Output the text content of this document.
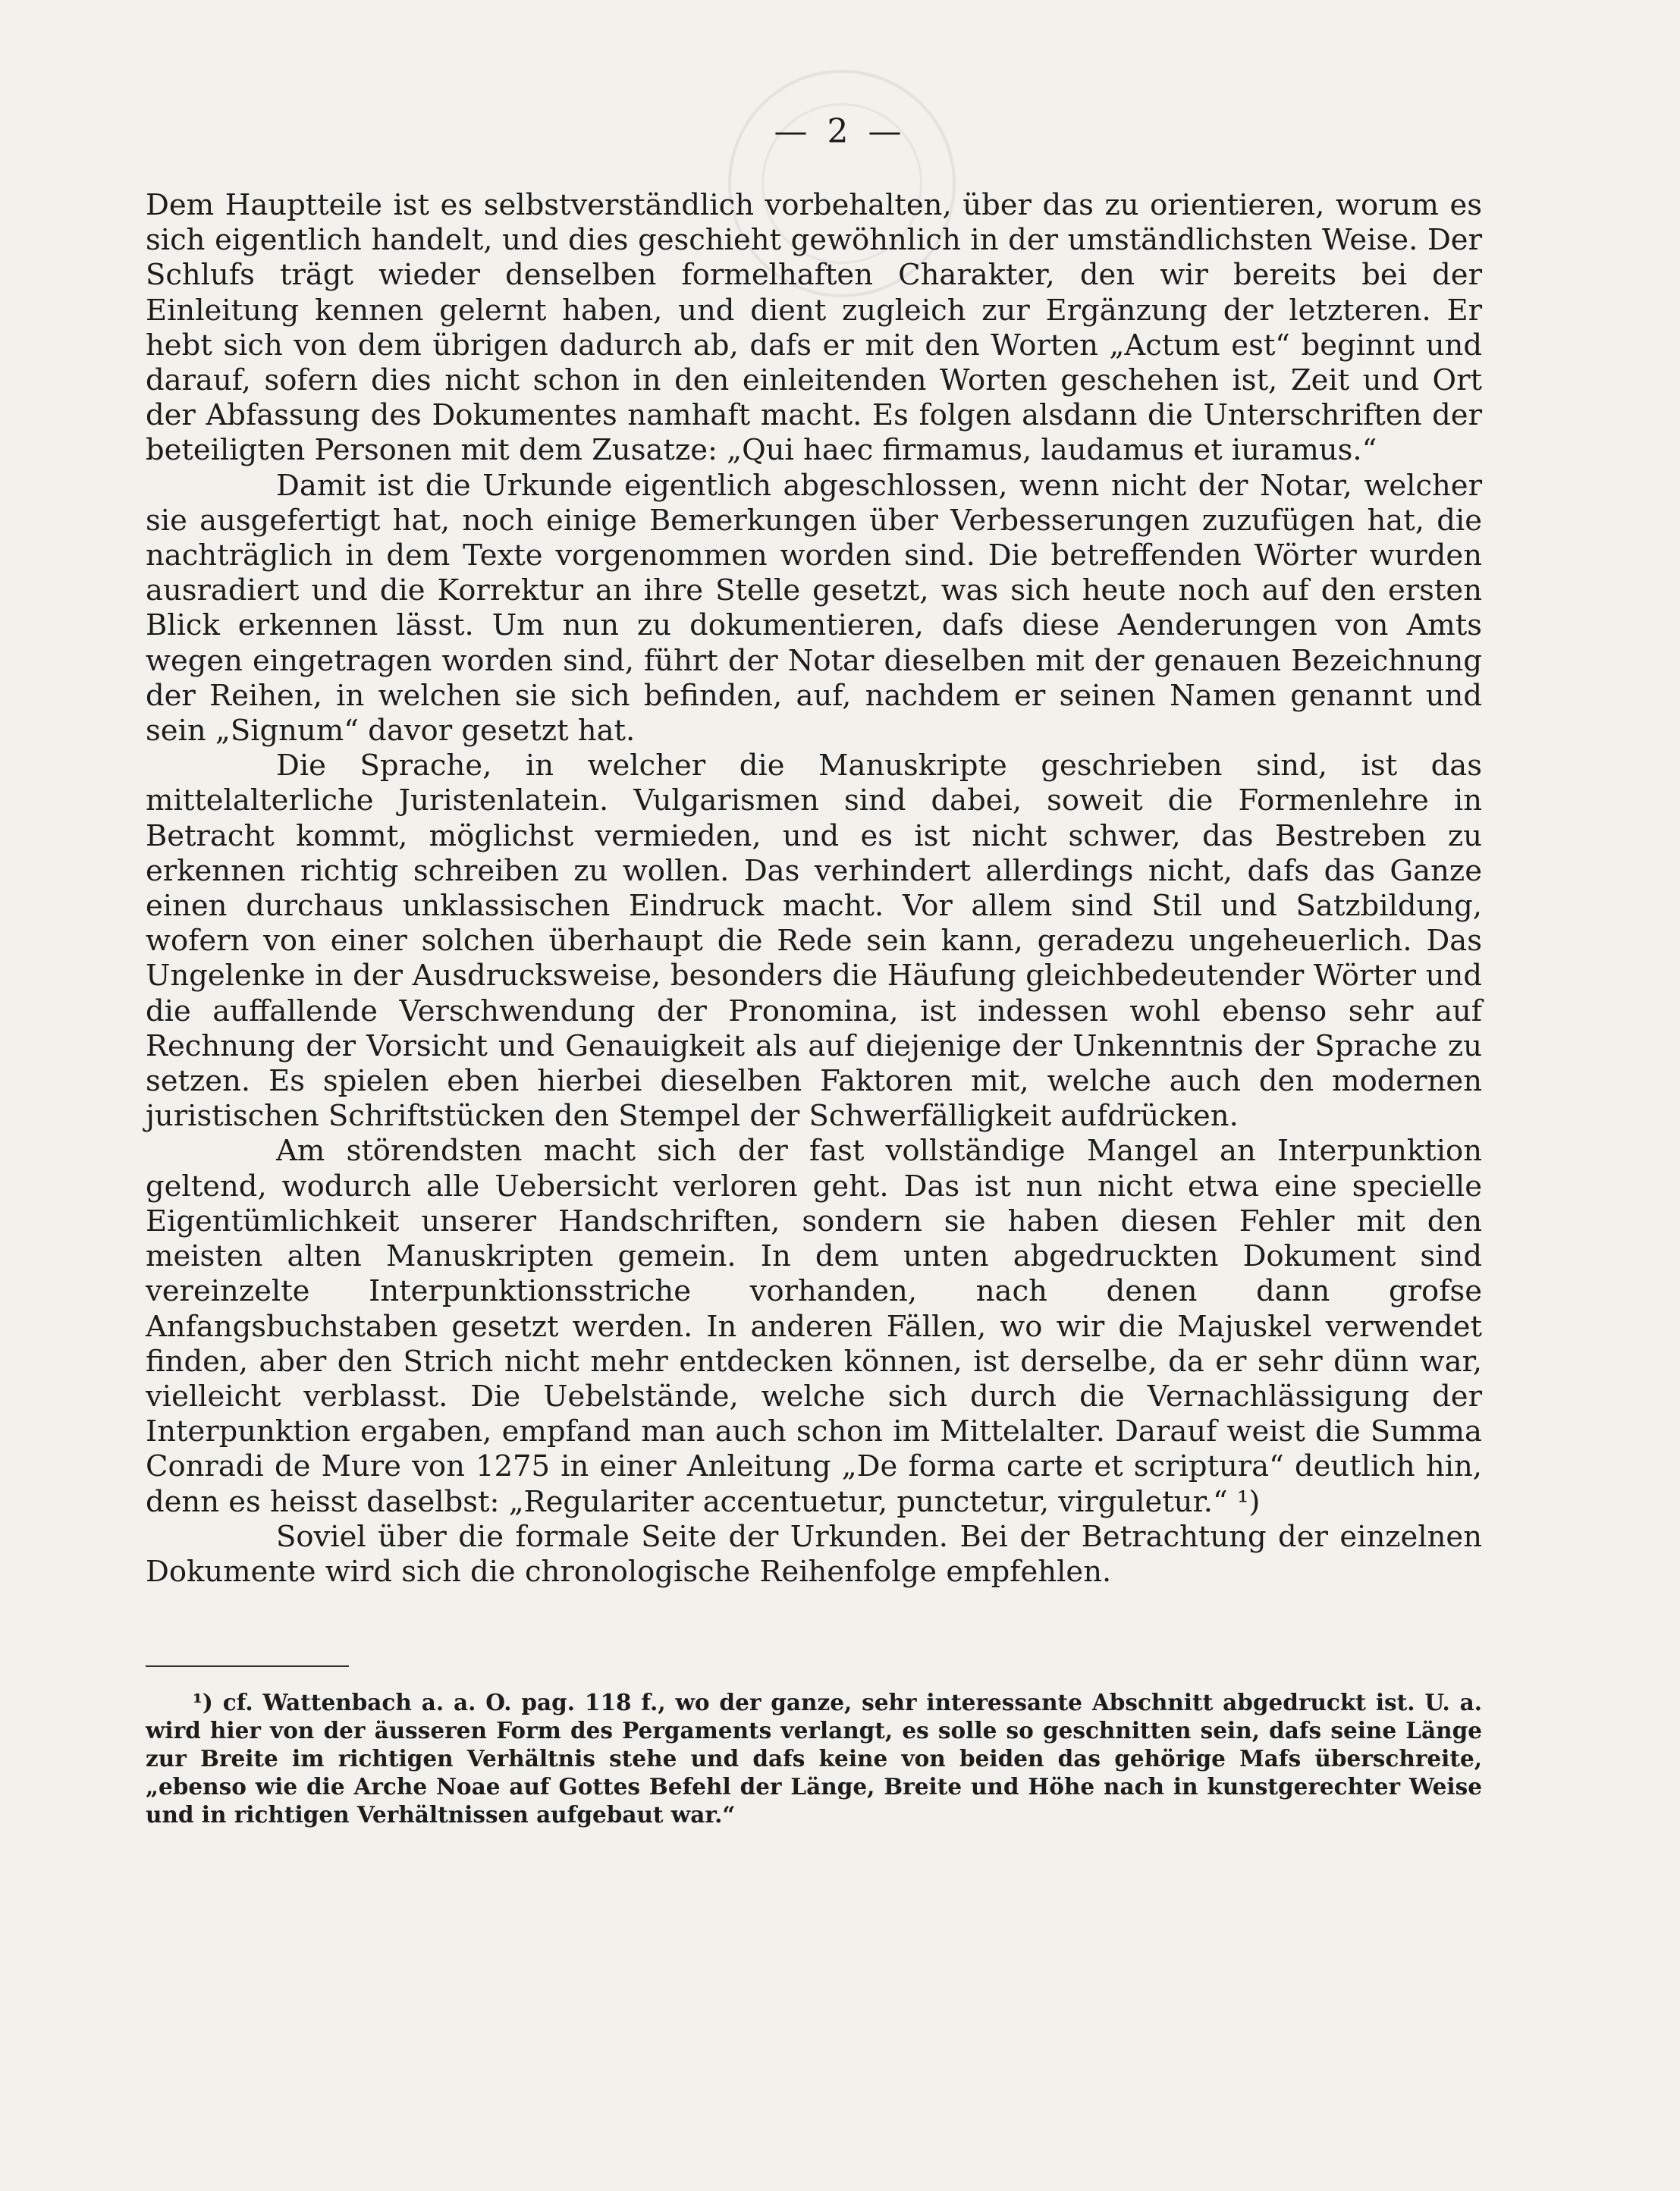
— 2 —

Dem Hauptteile ist es selbstverständlich vorbehalten, über das zu orientieren, worum es sich eigentlich handelt, und dies geschieht gewöhnlich in der umständlichsten Weise. Der Schlufs trägt wieder denselben formelhaften Charakter, den wir bereits bei der Einleitung kennen gelernt haben, und dient zugleich zur Ergänzung der letzteren. Er hebt sich von dem übrigen dadurch ab, dafs er mit den Worten „Actum est“ beginnt und darauf, sofern dies nicht schon in den einleitenden Worten geschehen ist, Zeit und Ort der Abfassung des Dokumentes namhaft macht. Es folgen alsdann die Unterschriften der beteiligten Personen mit dem Zusatze: „Qui haec firmamus, laudamus et iuramus.“

Damit ist die Urkunde eigentlich abgeschlossen, wenn nicht der Notar, welcher sie ausgefertigt hat, noch einige Bemerkungen über Verbesserungen zuzufügen hat, die nachträglich in dem Texte vorgenommen worden sind. Die betreffenden Wörter wurden ausradiert und die Korrektur an ihre Stelle gesetzt, was sich heute noch auf den ersten Blick erkennen lässt. Um nun zu dokumentieren, dafs diese Aenderungen von Amts wegen eingetragen worden sind, führt der Notar dieselben mit der genauen Bezeichnung der Reihen, in welchen sie sich befinden, auf, nachdem er seinen Namen genannt und sein „Signum“ davor gesetzt hat.

Die Sprache, in welcher die Manuskripte geschrieben sind, ist das mittelalterliche Juristenlatein. Vulgarismen sind dabei, soweit die Formenlehre in Betracht kommt, möglichst vermieden, und es ist nicht schwer, das Bestreben zu erkennen richtig schreiben zu wollen. Das verhindert allerdings nicht, dafs das Ganze einen durchaus unklassischen Eindruck macht. Vor allem sind Stil und Satzbildung, wofern von einer solchen überhaupt die Rede sein kann, geradezu ungeheuerlich. Das Ungelenke in der Ausdrucksweise, besonders die Häufung gleichbedeutender Wörter und die auffallende Verschwendung der Pronomina, ist indessen wohl ebenso sehr auf Rechnung der Vorsicht und Genauigkeit als auf diejenige der Unkenntnis der Sprache zu setzen. Es spielen eben hierbei dieselben Faktoren mit, welche auch den modernen juristischen Schriftstücken den Stempel der Schwerfälligkeit aufdrücken.

Am störendsten macht sich der fast vollständige Mangel an Interpunktion geltend, wodurch alle Uebersicht verloren geht. Das ist nun nicht etwa eine specielle Eigentümlichkeit unserer Handschriften, sondern sie haben diesen Fehler mit den meisten alten Manuskripten gemein. In dem unten abgedruckten Dokument sind vereinzelte Interpunktionsstriche vorhanden, nach denen dann grofse Anfangsbuchstaben gesetzt werden. In anderen Fällen, wo wir die Majuskel verwendet finden, aber den Strich nicht mehr entdecken können, ist derselbe, da er sehr dünn war, vielleicht verblasst. Die Uebelstände, welche sich durch die Vernachlässigung der Interpunktion ergaben, empfand man auch schon im Mittelalter. Darauf weist die Summa Conradi de Mure von 1275 in einer Anleitung „De forma carte et scriptura“ deutlich hin, denn es heisst daselbst: „Regulariter accentuetur, punctetur, virguletur.“ ¹)

Soviel über die formale Seite der Urkunden. Bei der Betrachtung der einzelnen Dokumente wird sich die chronologische Reihenfolge empfehlen.

¹) cf. Wattenbach a. a. O. pag. 118 f., wo der ganze, sehr interessante Abschnitt abgedruckt ist. U. a. wird hier von der äusseren Form des Pergaments verlangt, es solle so geschnitten sein, dafs seine Länge zur Breite im richtigen Verhältnis stehe und dafs keine von beiden das gehörige Mafs überschreite, „ebenso wie die Arche Noae auf Gottes Befehl der Länge, Breite und Höhe nach in kunstgerechter Weise und in richtigen Verhältnissen aufgebaut war.“
